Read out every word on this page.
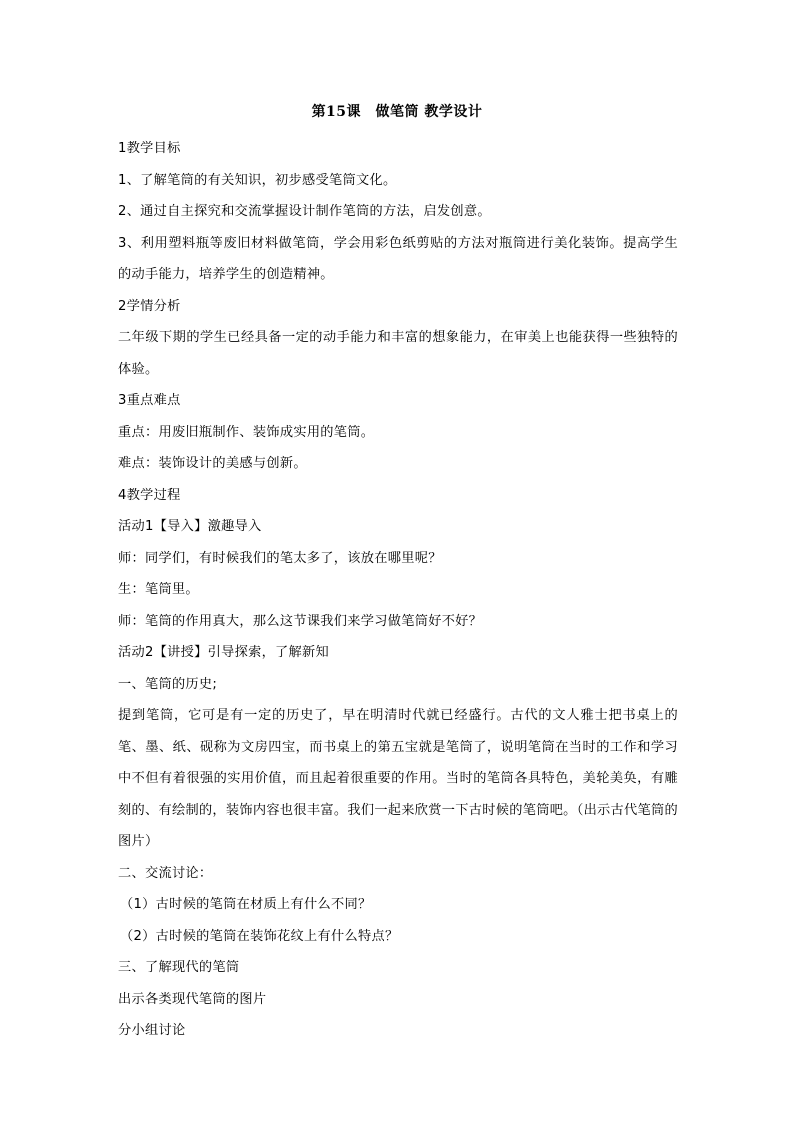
第15课　做笔筒 教学设计

1教学目标

1、了解笔筒的有关知识，初步感受笔筒文化。

2、通过自主探究和交流掌握设计制作笔筒的方法，启发创意。

3、利用塑料瓶等废旧材料做笔筒，学会用彩色纸剪贴的方法对瓶筒进行美化装饰。提高学生的动手能力，培养学生的创造精神。

2学情分析

二年级下期的学生已经具备一定的动手能力和丰富的想象能力，在审美上也能获得一些独特的体验。

3重点难点

重点：用废旧瓶制作、装饰成实用的笔筒。

难点：装饰设计的美感与创新。

4教学过程

活动1【导入】激趣导入

师：同学们，有时候我们的笔太多了，该放在哪里呢？

生：笔筒里。

师：笔筒的作用真大，那么这节课我们来学习做笔筒好不好？

活动2【讲授】引导探索，了解新知

一、笔筒的历史;

提到笔筒，它可是有一定的历史了，早在明清时代就已经盛行。古代的文人雅士把书桌上的笔、墨、纸、砚称为文房四宝，而书桌上的第五宝就是笔筒了，说明笔筒在当时的工作和学习中不但有着很强的实用价值，而且起着很重要的作用。当时的笔筒各具特色，美轮美奂，有雕刻的、有绘制的，装饰内容也很丰富。我们一起来欣赏一下古时候的笔筒吧。（出示古代笔筒的图片）

二、交流讨论：

（1）古时候的笔筒在材质上有什么不同？

（2）古时候的笔筒在装饰花纹上有什么特点？

三、了解现代的笔筒

出示各类现代笔筒的图片

分小组讨论
